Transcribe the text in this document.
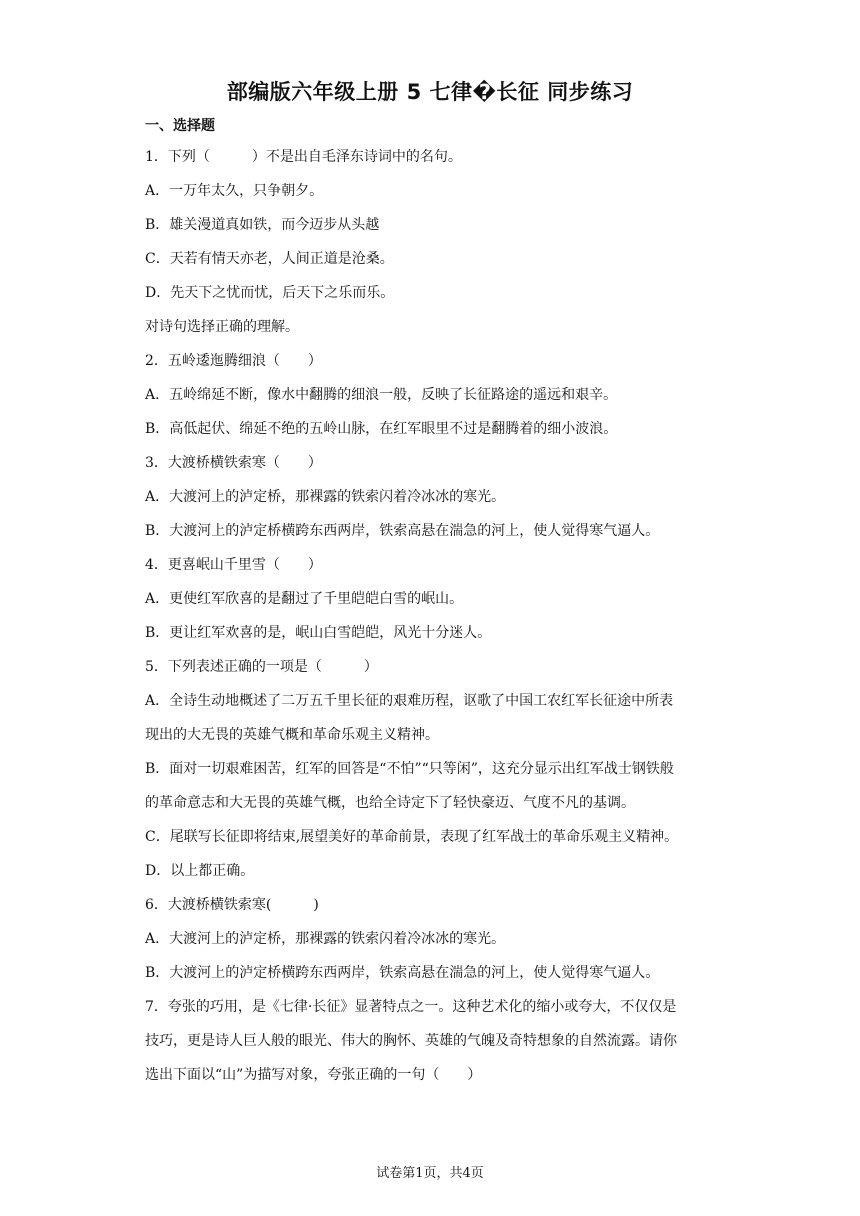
部编版六年级上册 5 七律�长征 同步练习
一、选择题
1．下列（　　　）不是出自毛泽东诗词中的名句。
A．一万年太久，只争朝夕。
B．雄关漫道真如铁，而今迈步从头越
C．天若有情天亦老，人间正道是沧桑。
D．先天下之忧而忧，后天下之乐而乐。
对诗句选择正确的理解。
2．五岭逶迤腾细浪（　　）
A．五岭绵延不断，像水中翻腾的细浪一般，反映了长征路途的遥远和艰辛。
B．高低起伏、绵延不绝的五岭山脉，在红军眼里不过是翻腾着的细小波浪。
3．大渡桥横铁索寒（　　）
A．大渡河上的泸定桥，那裸露的铁索闪着冷冰冰的寒光。
B．大渡河上的泸定桥横跨东西两岸，铁索高悬在湍急的河上，使人觉得寒气逼人。
4．更喜岷山千里雪（　　）
A．更使红军欣喜的是翻过了千里皑皑白雪的岷山。
B．更让红军欢喜的是，岷山白雪皑皑，风光十分迷人。
5．下列表述正确的一项是（　　　）
A．全诗生动地概述了二万五千里长征的艰难历程，讴歌了中国工农红军长征途中所表
现出的大无畏的英雄气概和革命乐观主义精神。
B．面对一切艰难困苦，红军的回答是“不怕”“只等闲”，这充分显示出红军战士钢铁般
的革命意志和大无畏的英雄气概，也给全诗定下了轻快豪迈、气度不凡的基调。
C．尾联写长征即将结束,展望美好的革命前景，表现了红军战士的革命乐观主义精神。
D．以上都正确。
6．大渡桥横铁索寒(　　　)
A．大渡河上的泸定桥，那裸露的铁索闪着冷冰冰的寒光。
B．大渡河上的泸定桥横跨东西两岸，铁索高悬在湍急的河上，使人觉得寒气逼人。
7．夸张的巧用，是《七律·长征》显著特点之一。这种艺术化的缩小或夸大，不仅仅是
技巧，更是诗人巨人般的眼光、伟大的胸怀、英雄的气魄及奇特想象的自然流露。请你
选出下面以“山”为描写对象，夸张正确的一句（　　）
试卷第1页，共4页
